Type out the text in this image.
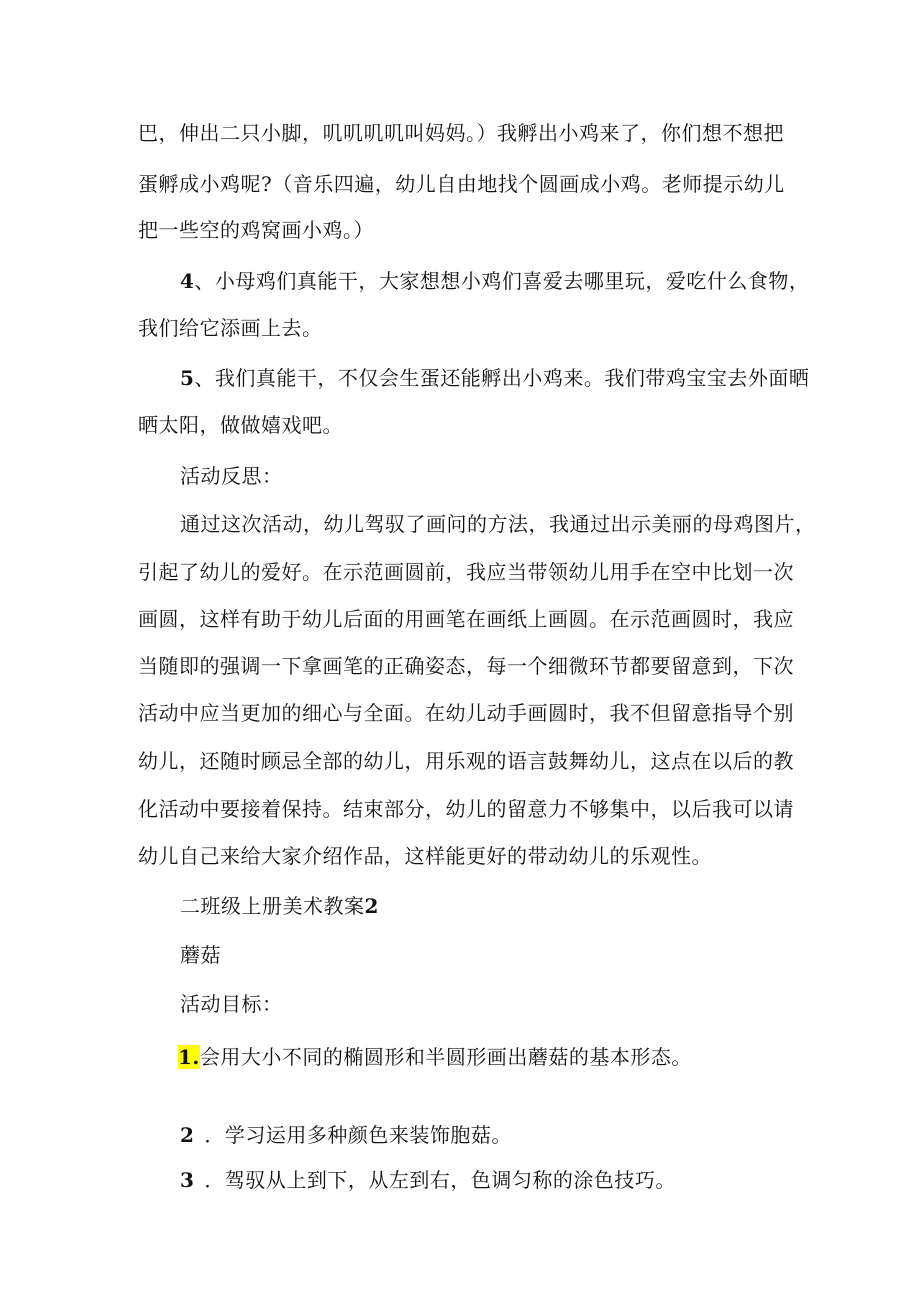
巴，伸出二只小脚，叽叽叽叽叫妈妈。）我孵出小鸡来了，你们想不想把
蛋孵成小鸡呢?（音乐四遍，幼儿自由地找个圆画成小鸡。老师提示幼儿
把一些空的鸡窝画小鸡。）
4、小母鸡们真能干，大家想想小鸡们喜爱去哪里玩，爱吃什么食物，
我们给它添画上去。
5、我们真能干，不仅会生蛋还能孵出小鸡来。我们带鸡宝宝去外面晒
晒太阳，做做嬉戏吧。
活动反思：
通过这次活动，幼儿驾驭了画问的方法，我通过出示美丽的母鸡图片，
引起了幼儿的爱好。在示范画圆前，我应当带领幼儿用手在空中比划一次
画圆，这样有助于幼儿后面的用画笔在画纸上画圆。在示范画圆时，我应
当随即的强调一下拿画笔的正确姿态，每一个细微环节都要留意到，下次
活动中应当更加的细心与全面。在幼儿动手画圆时，我不但留意指导个别
幼儿，还随时顾忌全部的幼儿，用乐观的语言鼓舞幼儿，这点在以后的教
化活动中要接着保持。结束部分，幼儿的留意力不够集中，以后我可以请
幼儿自己来给大家介绍作品，这样能更好的带动幼儿的乐观性。
二班级上册美术教案2
蘑菇
活动目标：
1.会用大小不同的椭圆形和半圆形画出蘑菇的基本形态。
2 ．学习运用多种颜色来装饰胞菇。
3 ．驾驭从上到下，从左到右，色调匀称的涂色技巧。
